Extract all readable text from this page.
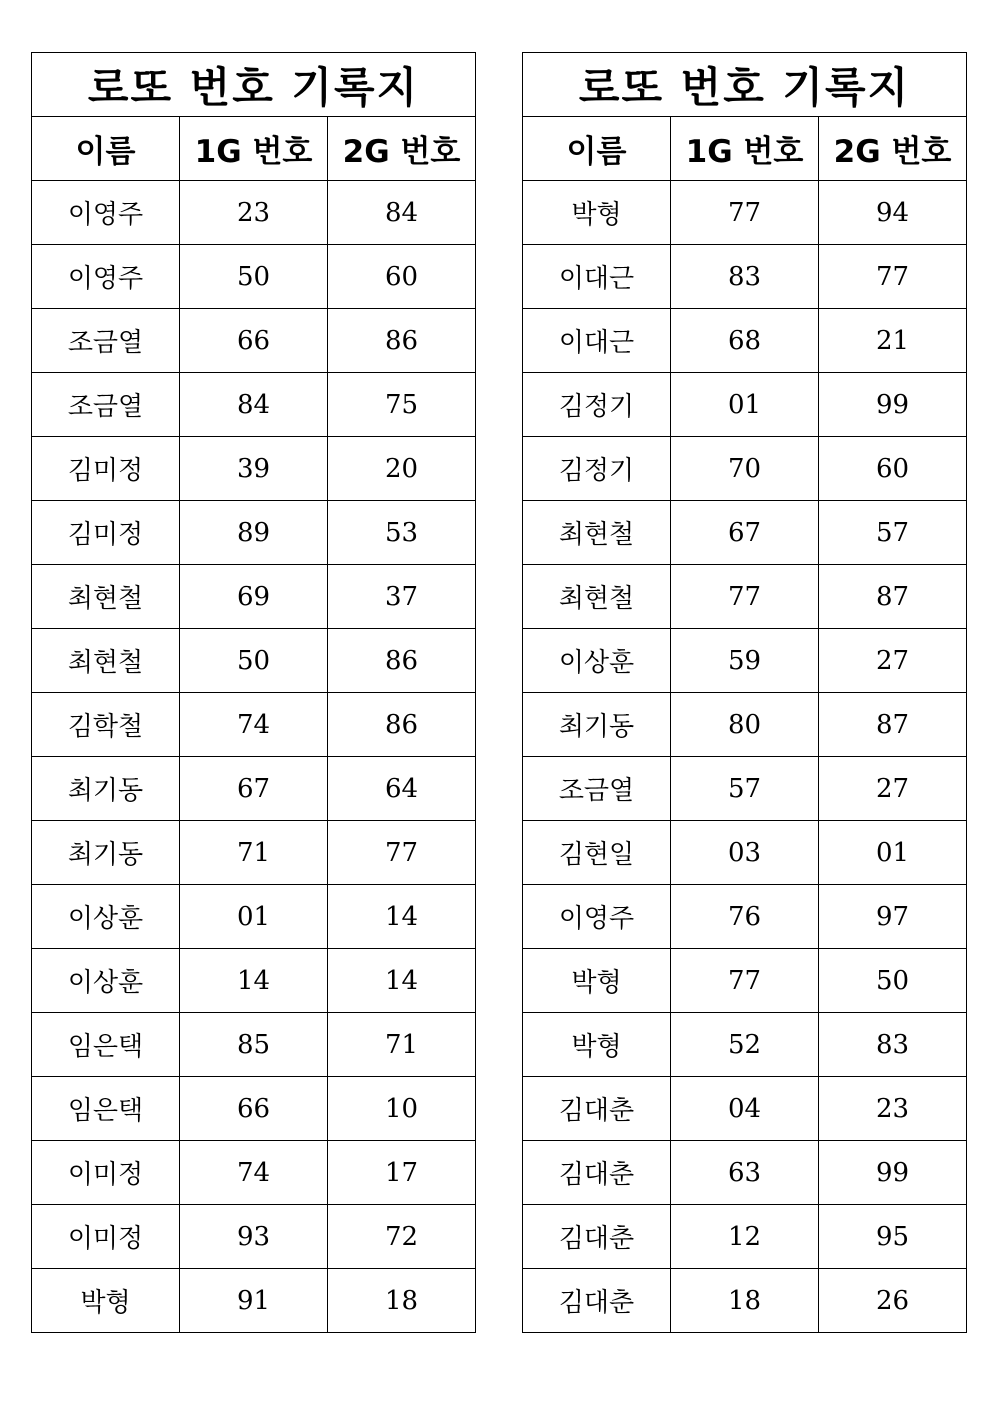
로또 번호 기록지		
이름	1G 번호	2G 번호
이영주	23	84
이영주	50	60
조금열	66	86
조금열	84	75
김미정	39	20
김미정	89	53
최현철	69	37
최현철	50	86
김학철	74	86
최기동	67	64
최기동	71	77
이상훈	01	14
이상훈	14	14
임은택	85	71
임은택	66	10
이미정	74	17
이미정	93	72
박형	91	18
로또 번호 기록지		
이름	1G 번호	2G 번호
박형	77	94
이대근	83	77
이대근	68	21
김정기	01	99
김정기	70	60
최현철	67	57
최현철	77	87
이상훈	59	27
최기동	80	87
조금열	57	27
김현일	03	01
이영주	76	97
박형	77	50
박형	52	83
김대춘	04	23
김대춘	63	99
김대춘	12	95
김대춘	18	26
